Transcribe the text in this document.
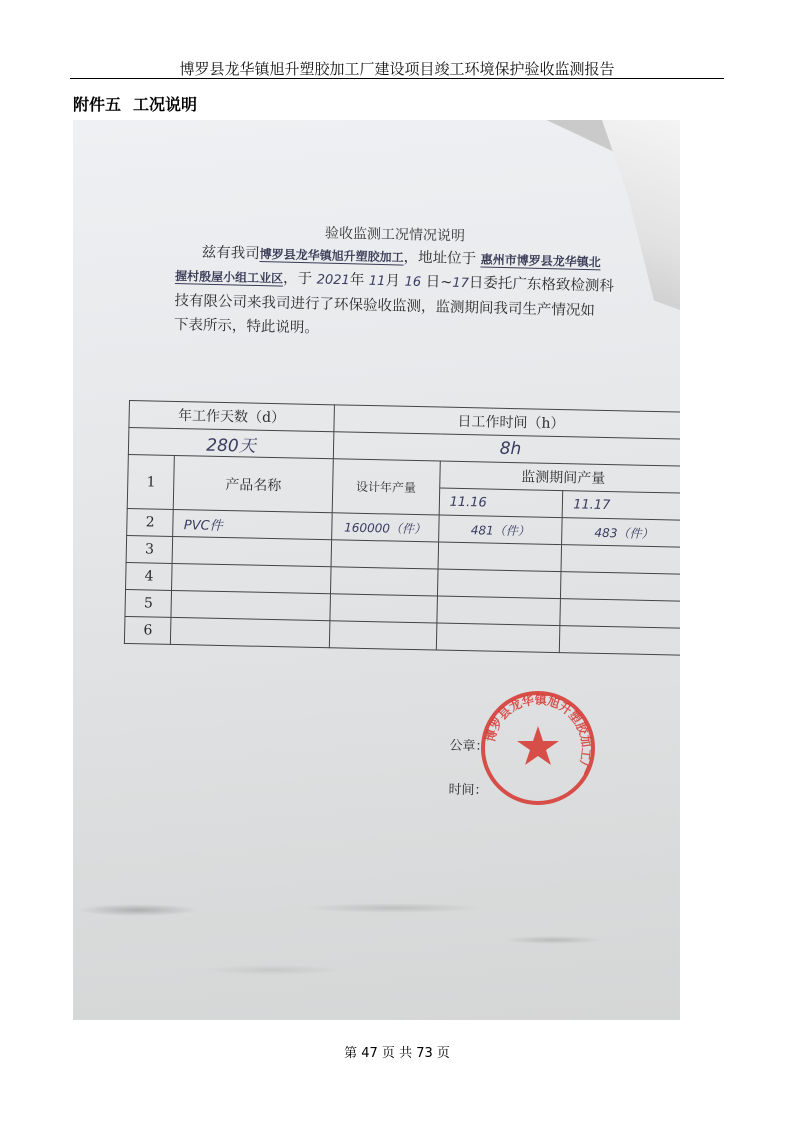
博罗县龙华镇旭升塑胶加工厂建设项目竣工环境保护验收监测报告
附件五 工况说明
验收监测工况情况说明
兹有我司博罗县龙华镇旭升塑胶加工，地址位于 惠州市博罗县龙华镇北
握村殷屋小组工业区，于 2021年 11月 16 日~17日委托广东格致检测科
技有限公司来我司进行了环保验收监测，监测期间我司生产情况如
下表所示，特此说明。
年工作天数（d）		日工作时间（h）		
280天		8h		
1	产品名称	设计年产量	监测期间产量	
			11.16	11.17
2	PVC件	160000（件）	481（件）	483（件）
3				
4				
5				
6				
公章：
时间：
博罗县龙华镇旭升塑胶加工厂
第 47 页 共 73 页
